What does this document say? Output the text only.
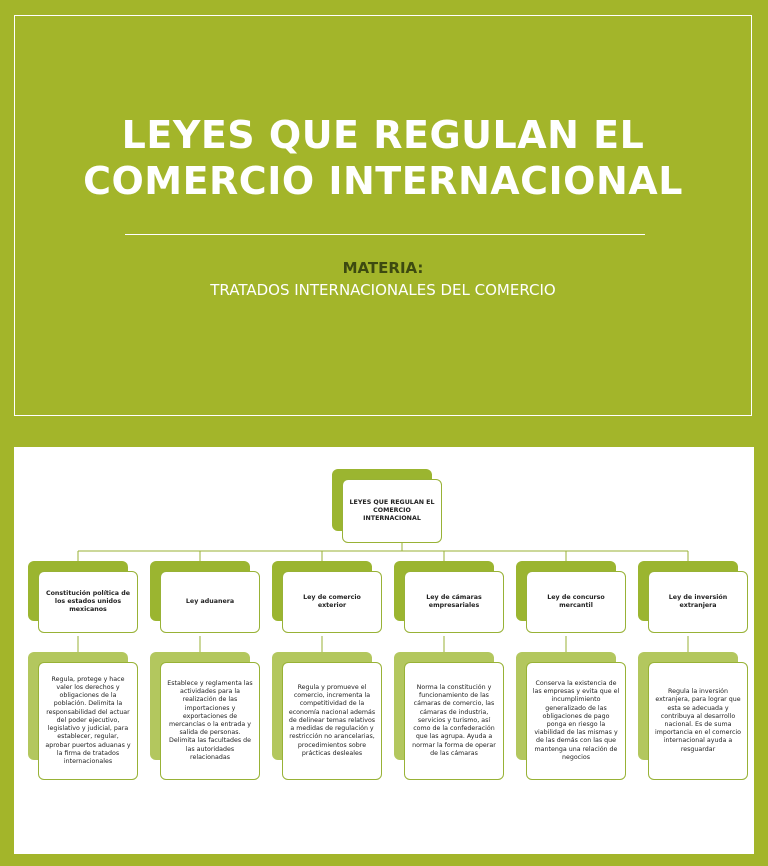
LEYES QUE REGULAN EL
COMERCIO INTERNACIONAL
MATERIA:
TRATADOS INTERNACIONALES DEL COMERCIO
LEYES QUE REGULAN EL COMERCIO INTERNACIONAL
Constitución política de los estados unidos mexicanos
Regula, protege y hace valer los derechos y obligaciones de la población. Delimita la responsabilidad del actuar del poder ejecutivo, legislativo y judicial, para establecer, regular, aprobar puertos aduanas y la firma de tratados internacionales
Ley aduanera
Establece y reglamenta las actividades para la realización de las importaciones y exportaciones de mercancías o la entrada y salida de personas. Delimita las facultades de las autoridades relacionadas
Ley de comercio exterior
Regula y promueve el comercio, incrementa la competitividad de la economía nacional además de delinear temas relativos a medidas de regulación y restricción no arancelarias, procedimientos sobre prácticas desleales
Ley de cámaras empresariales
Norma la constitución y funcionamiento de las cámaras de comercio, las cámaras de industria, servicios y turismo, así como de la confederación que las agrupa. Ayuda a normar la forma de operar de las cámaras
Ley de concurso mercantil
Conserva la existencia de las empresas y evita que el incumplimiento generalizado de las obligaciones de pago ponga en riesgo la viabilidad de las mismas y de las demás con las que mantenga una relación de negocios
Ley de inversión extranjera
Regula la inversión extranjera, para lograr que esta se adecuada y contribuya al desarrollo nacional. Es de suma importancia en el comercio internacional ayuda a resguardar
